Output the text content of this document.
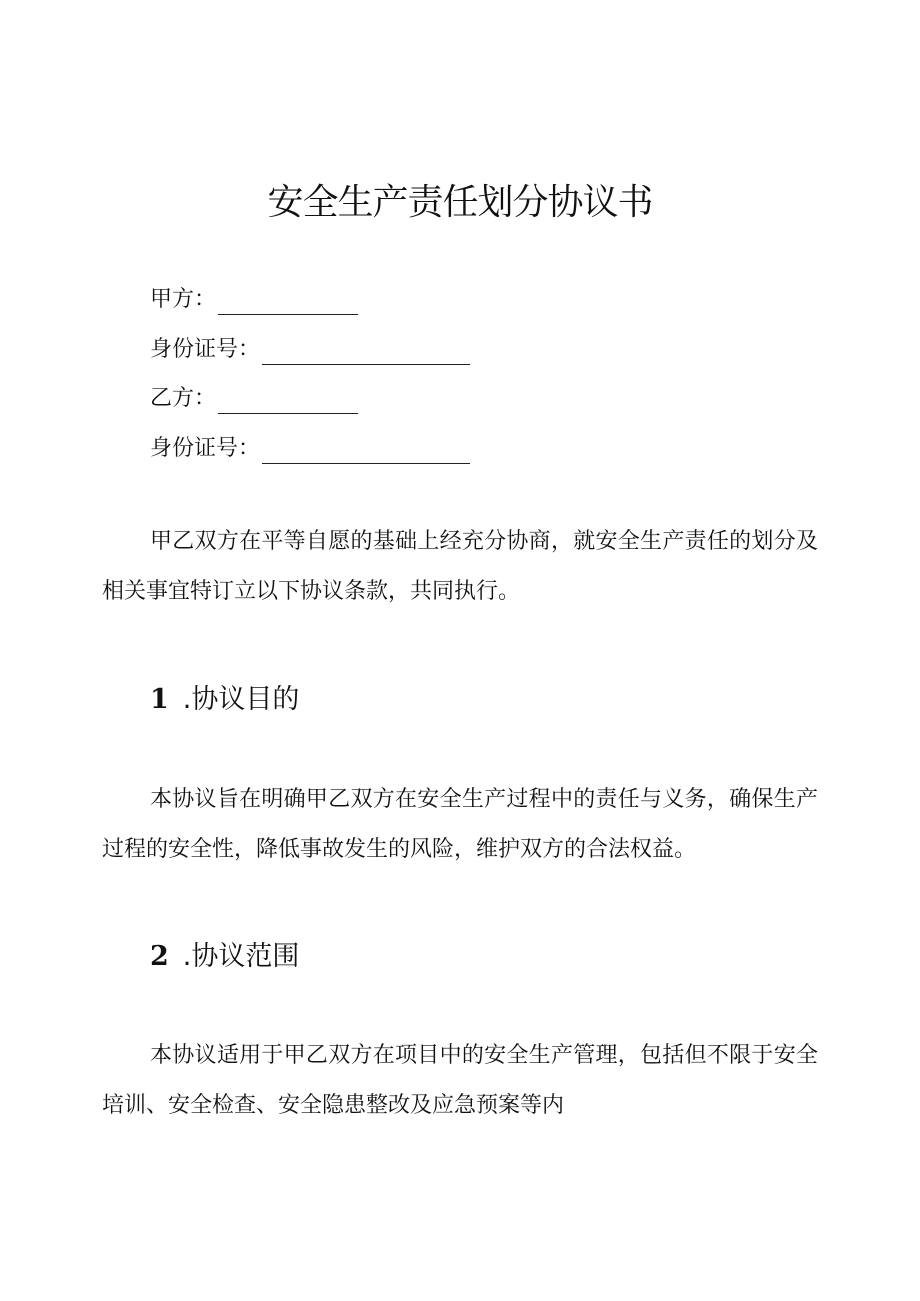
安全生产责任划分协议书
甲方：
身份证号：
乙方：
身份证号：

甲乙双方在平等自愿的基础上经充分协商，就安全生产责任的划分及相关事宜特订立以下协议条款，共同执行。

1 .协议目的

本协议旨在明确甲乙双方在安全生产过程中的责任与义务，确保生产过程的安全性，降低事故发生的风险，维护双方的合法权益。

2 .协议范围

本协议适用于甲乙双方在项目中的安全生产管理，包括但不限于安全培训、安全检查、安全隐患整改及应急预案等内
